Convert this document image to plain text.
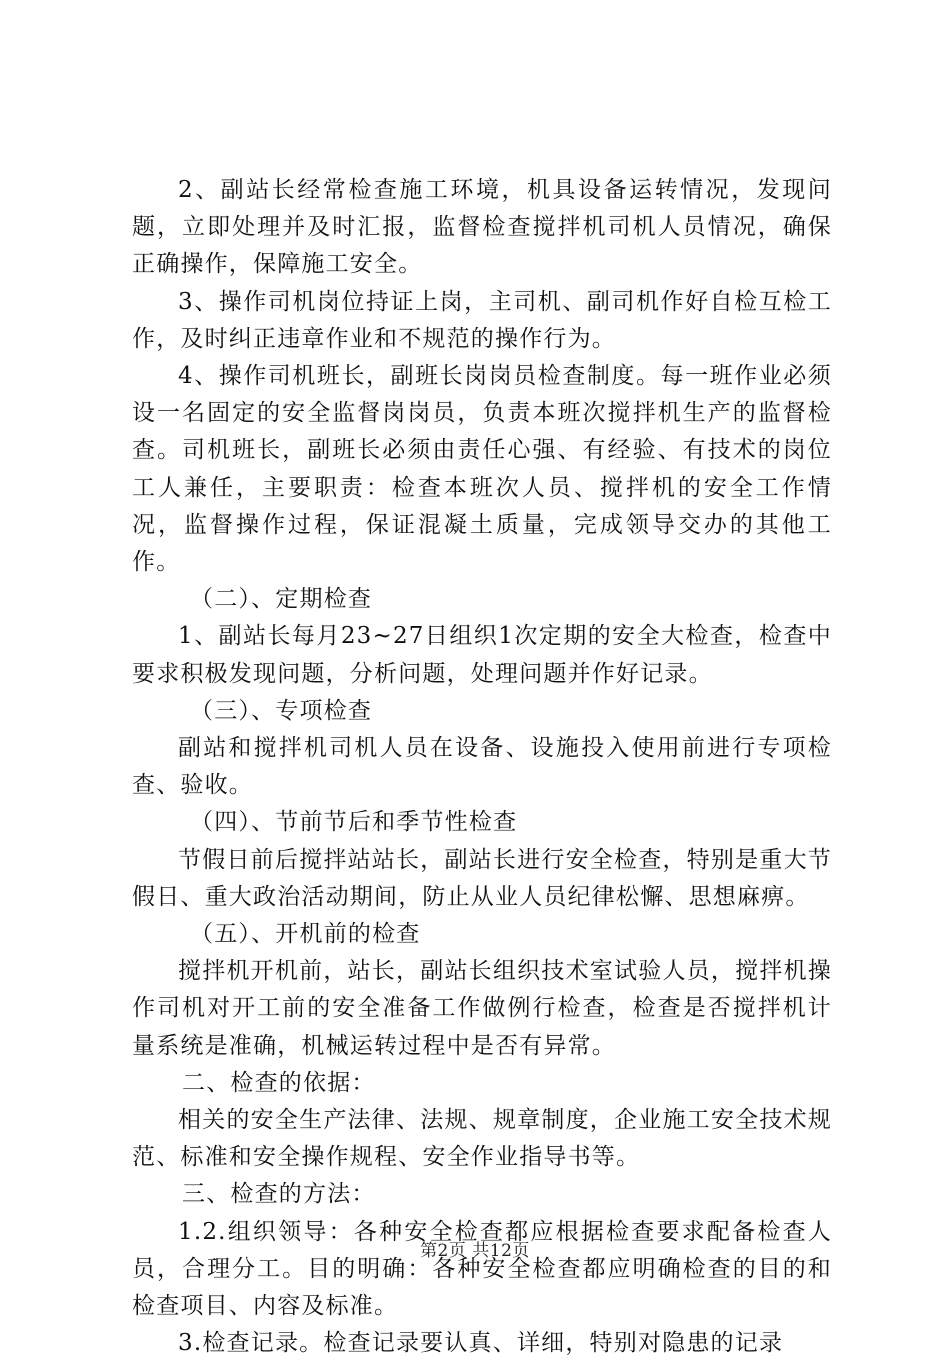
2、副站长经常检查施工环境，机具设备运转情况，发现问题，立即处理并及时汇报，监督检查搅拌机司机人员情况，确保正确操作，保障施工安全。

3、操作司机岗位持证上岗，主司机、副司机作好自检互检工作，及时纠正违章作业和不规范的操作行为。

4、操作司机班长，副班长岗岗员检查制度。每一班作业必须设一名固定的安全监督岗岗员，负责本班次搅拌机生产的监督检查。司机班长，副班长必须由责任心强、有经验、有技术的岗位工人兼任，主要职责：检查本班次人员、搅拌机的安全工作情况，监督操作过程，保证混凝土质量，完成领导交办的其他工作。

（二）、定期检查

1、副站长每月23~27日组织1次定期的安全大检查，检查中要求积极发现问题，分析问题，处理问题并作好记录。

（三）、专项检查

副站和搅拌机司机人员在设备、设施投入使用前进行专项检查、验收。

（四）、节前节后和季节性检查

节假日前后搅拌站站长，副站长进行安全检查，特别是重大节假日、重大政治活动期间，防止从业人员纪律松懈、思想麻痹。

（五）、开机前的检查

搅拌机开机前，站长，副站长组织技术室试验人员，搅拌机操作司机对开工前的安全准备工作做例行检查，检查是否搅拌机计量系统是准确，机械运转过程中是否有异常。

二、检查的依据：

相关的安全生产法律、法规、规章制度，企业施工安全技术规范、标准和安全操作规程、安全作业指导书等。

三、检查的方法：

1.2.组织领导：各种安全检查都应根据检查要求配备检查人员，合理分工。目的明确：各种安全检查都应明确检查的目的和检查项目、内容及标准。

3.检查记录。检查记录要认真、详细，特别对隐患的记录

第2页 共12页
